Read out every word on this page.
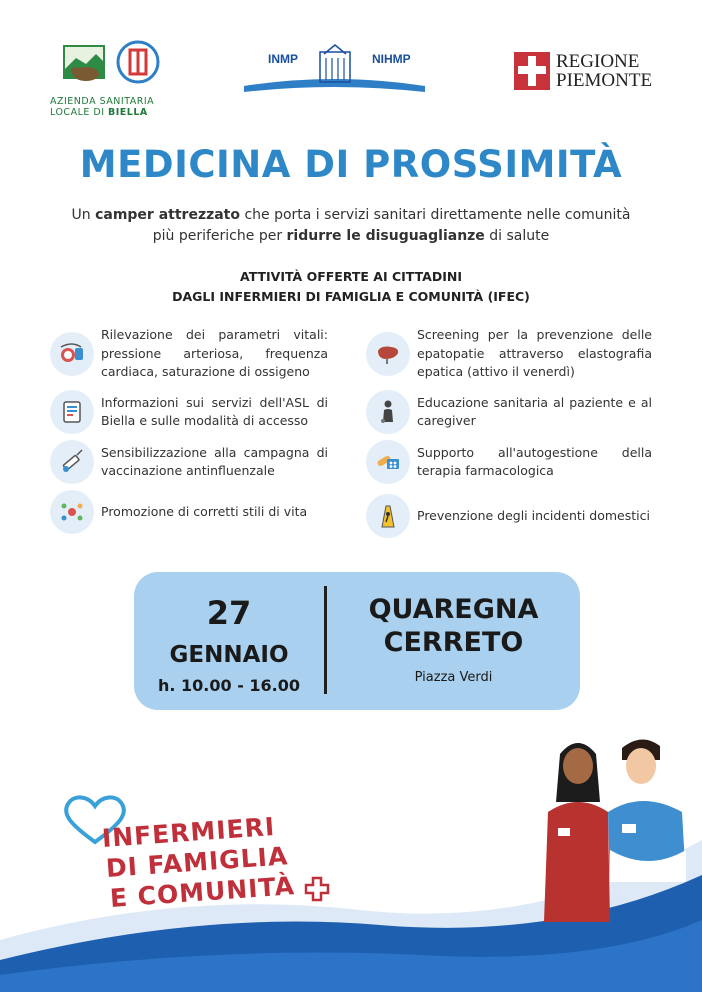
AZIENDA SANITARIA
LOCALE DI BIELLA
INMP	NIHMP	REGIONE
PIEMONTE
MEDICINA DI PROSSIMITÀ
Un camper attrezzato che porta i servizi sanitari direttamente nelle comunità più periferiche per ridurre le disuguaglianze di salute
ATTIVITÀ OFFERTE AI CITTADINI
DAGLI INFERMIERI DI FAMIGLIA E COMUNITÀ (IFEC)
Rilevazione dei parametri vitali: pressione arteriosa, frequenza cardiaca, saturazione di ossigeno
Informazioni sui servizi dell'ASL di Biella e sulle modalità di accesso
Sensibilizzazione alla campagna di vaccinazione antinfluenzale
Promozione di corretti stili di vita
Screening per la prevenzione delle epatopatie attraverso elastografia epatica (attivo il venerdì)
Educazione sanitaria al paziente e al caregiver
Supporto all'autogestione della terapia farmacologica
Prevenzione degli incidenti domestici
27
GENNAIO
h. 10.00 - 16.00
QUAREGNA
CERRETO
Piazza Verdi
INFERMIERI
DI FAMIGLIA
E COMUNITÀ
